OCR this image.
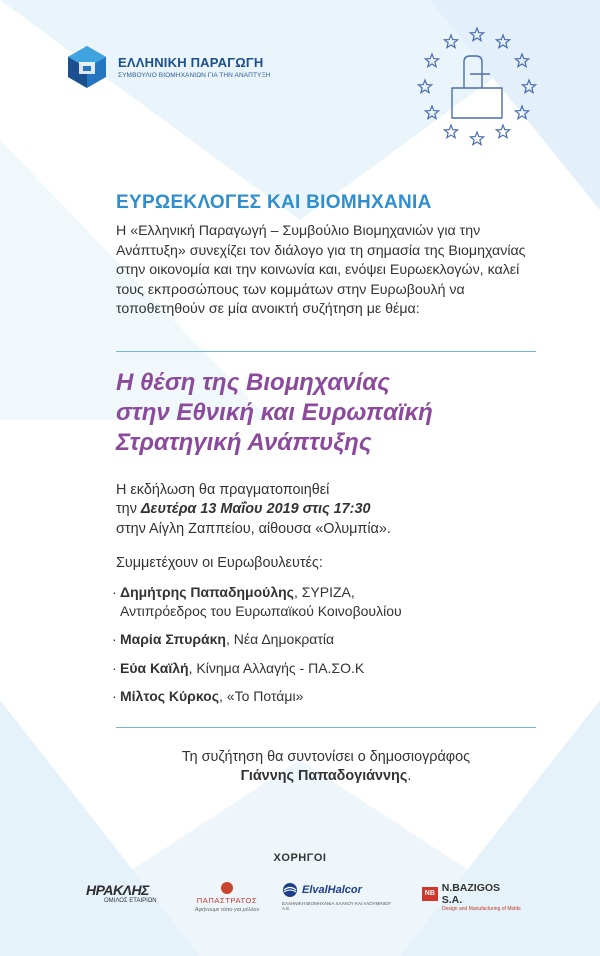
ΕΛΛΗΝΙΚΗ ΠΑΡΑΓΩΓΗ
ΣΥΜΒΟΥΛΙΟ ΒΙΟΜΗΧΑΝΙΩΝ ΓΙΑ ΤΗΝ ΑΝΑΠΤΥΞΗ
ΕΥΡΩΕΚΛΟΓΕΣ ΚΑΙ ΒΙΟΜΗΧΑΝΙΑ
Η «Ελληνική Παραγωγή – Συμβούλιο Βιομηχανιών για την Ανάπτυξη» συνεχίζει τον διάλογο για τη σημασία της Βιομηχανίας στην οικονομία και την κοινωνία και, ενόψει Ευρωεκλογών, καλεί τους εκπροσώπους των κομμάτων στην Ευρωβουλή να τοποθετηθούν σε μία ανοικτή συζήτηση με θέμα:
Η θέση της Βιομηχανίας
στην Εθνική και Ευρωπαϊκή
Στρατηγική Ανάπτυξης
Η εκδήλωση θα πραγματοποιηθεί
την Δευτέρα 13 Μαΐου 2019 στις 17:30
στην Αίγλη Ζαππείου, αίθουσα «Ολυμπία».
Συμμετέχουν οι Ευρωβουλευτές:
· Δημήτρης Παπαδημούλης, ΣΥΡΙΖΑ,
Αντιπρόεδρος του Ευρωπαϊκού Κοινοβουλίου
· Μαρία Σπυράκη, Νέα Δημοκρατία
· Εύα Καϊλή, Κίνημα Αλλαγής - ΠΑ.ΣΟ.Κ
· Μίλτος Κύρκος, «Το Ποτάμι»
Τη συζήτηση θα συντονίσει ο δημοσιογράφος
Γιάννης Παπαδογιάννης.
ΧΟΡΗΓΟΙ
ΗΡΑΚΛΗΣ
ΟΜΙΛΟΣ ΕΤΑΙΡΙΩΝ	ΠΑΠΑΣΤΡΑΤΟΣ
Αφήνουμε τόπο για μέλλον
ElvalHalcor
ΕΛΛΗΝΙΚΗ ΒΙΟΜΗΧΑΝΙΑ ΧΑΛΚΟΥ ΚΑΙ ΑΛΟΥΜΙΝΙΟΥ Α.Ε.
NB N.BAZIGOS S.A.
Design and Manufacturing of Molds
